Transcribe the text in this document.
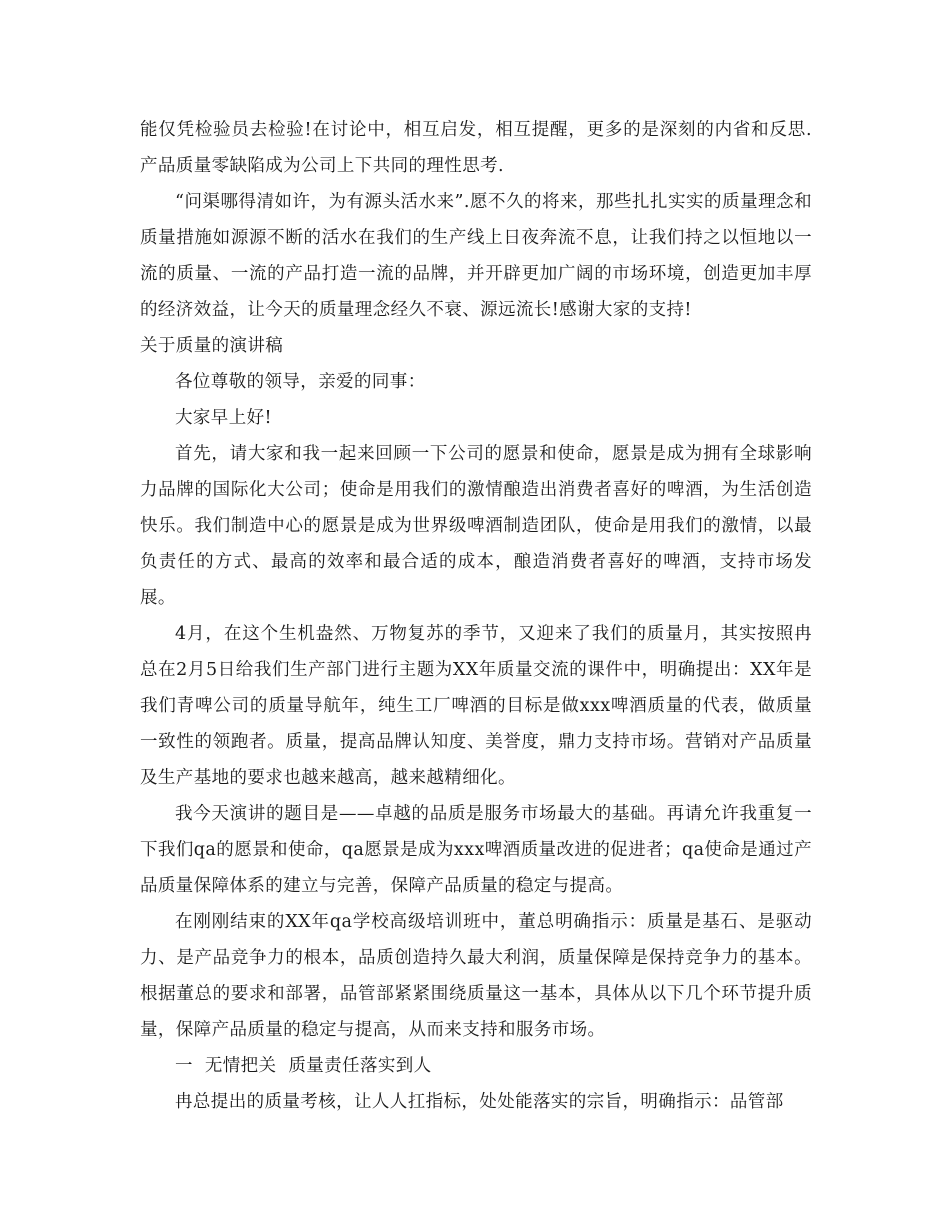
能仅凭检验员去检验!在讨论中，相互启发，相互提醒，更多的是深刻的内省和反思.产品质量零缺陷成为公司上下共同的理性思考.

“问渠哪得清如许，为有源头活水来”.愿不久的将来，那些扎扎实实的质量理念和质量措施如源源不断的活水在我们的生产线上日夜奔流不息，让我们持之以恒地以一流的质量、一流的产品打造一流的品牌，并开辟更加广阔的市场环境，创造更加丰厚的经济效益，让今天的质量理念经久不衰、源远流长!感谢大家的支持!

关于质量的演讲稿

各位尊敬的领导，亲爱的同事：

大家早上好!

首先，请大家和我一起来回顾一下公司的愿景和使命，愿景是成为拥有全球影响力品牌的国际化大公司；使命是用我们的激情酿造出消费者喜好的啤酒，为生活创造快乐。我们制造中心的愿景是成为世界级啤酒制造团队，使命是用我们的激情，以最负责任的方式、最高的效率和最合适的成本，酿造消费者喜好的啤酒，支持市场发展。

4月，在这个生机盎然、万物复苏的季节，又迎来了我们的质量月，其实按照冉总在2月5日给我们生产部门进行主题为XX年质量交流的课件中，明确提出：XX年是我们青啤公司的质量导航年，纯生工厂啤酒的目标是做xxx啤酒质量的代表，做质量一致性的领跑者。质量，提高品牌认知度、美誉度，鼎力支持市场。营销对产品质量及生产基地的要求也越来越高，越来越精细化。

我今天演讲的题目是——卓越的品质是服务市场最大的基础。再请允许我重复一下我们qa的愿景和使命，qa愿景是成为xxx啤酒质量改进的促进者；qa使命是通过产品质量保障体系的建立与完善，保障产品质量的稳定与提高。

在刚刚结束的XX年qa学校高级培训班中，董总明确指示：质量是基石、是驱动力、是产品竞争力的根本，品质创造持久最大利润，质量保障是保持竞争力的基本。根据董总的要求和部署，品管部紧紧围绕质量这一基本，具体从以下几个环节提升质量，保障产品质量的稳定与提高，从而来支持和服务市场。

一  无情把关  质量责任落实到人

冉总提出的质量考核，让人人扛指标，处处能落实的宗旨，明确指示：品管部
